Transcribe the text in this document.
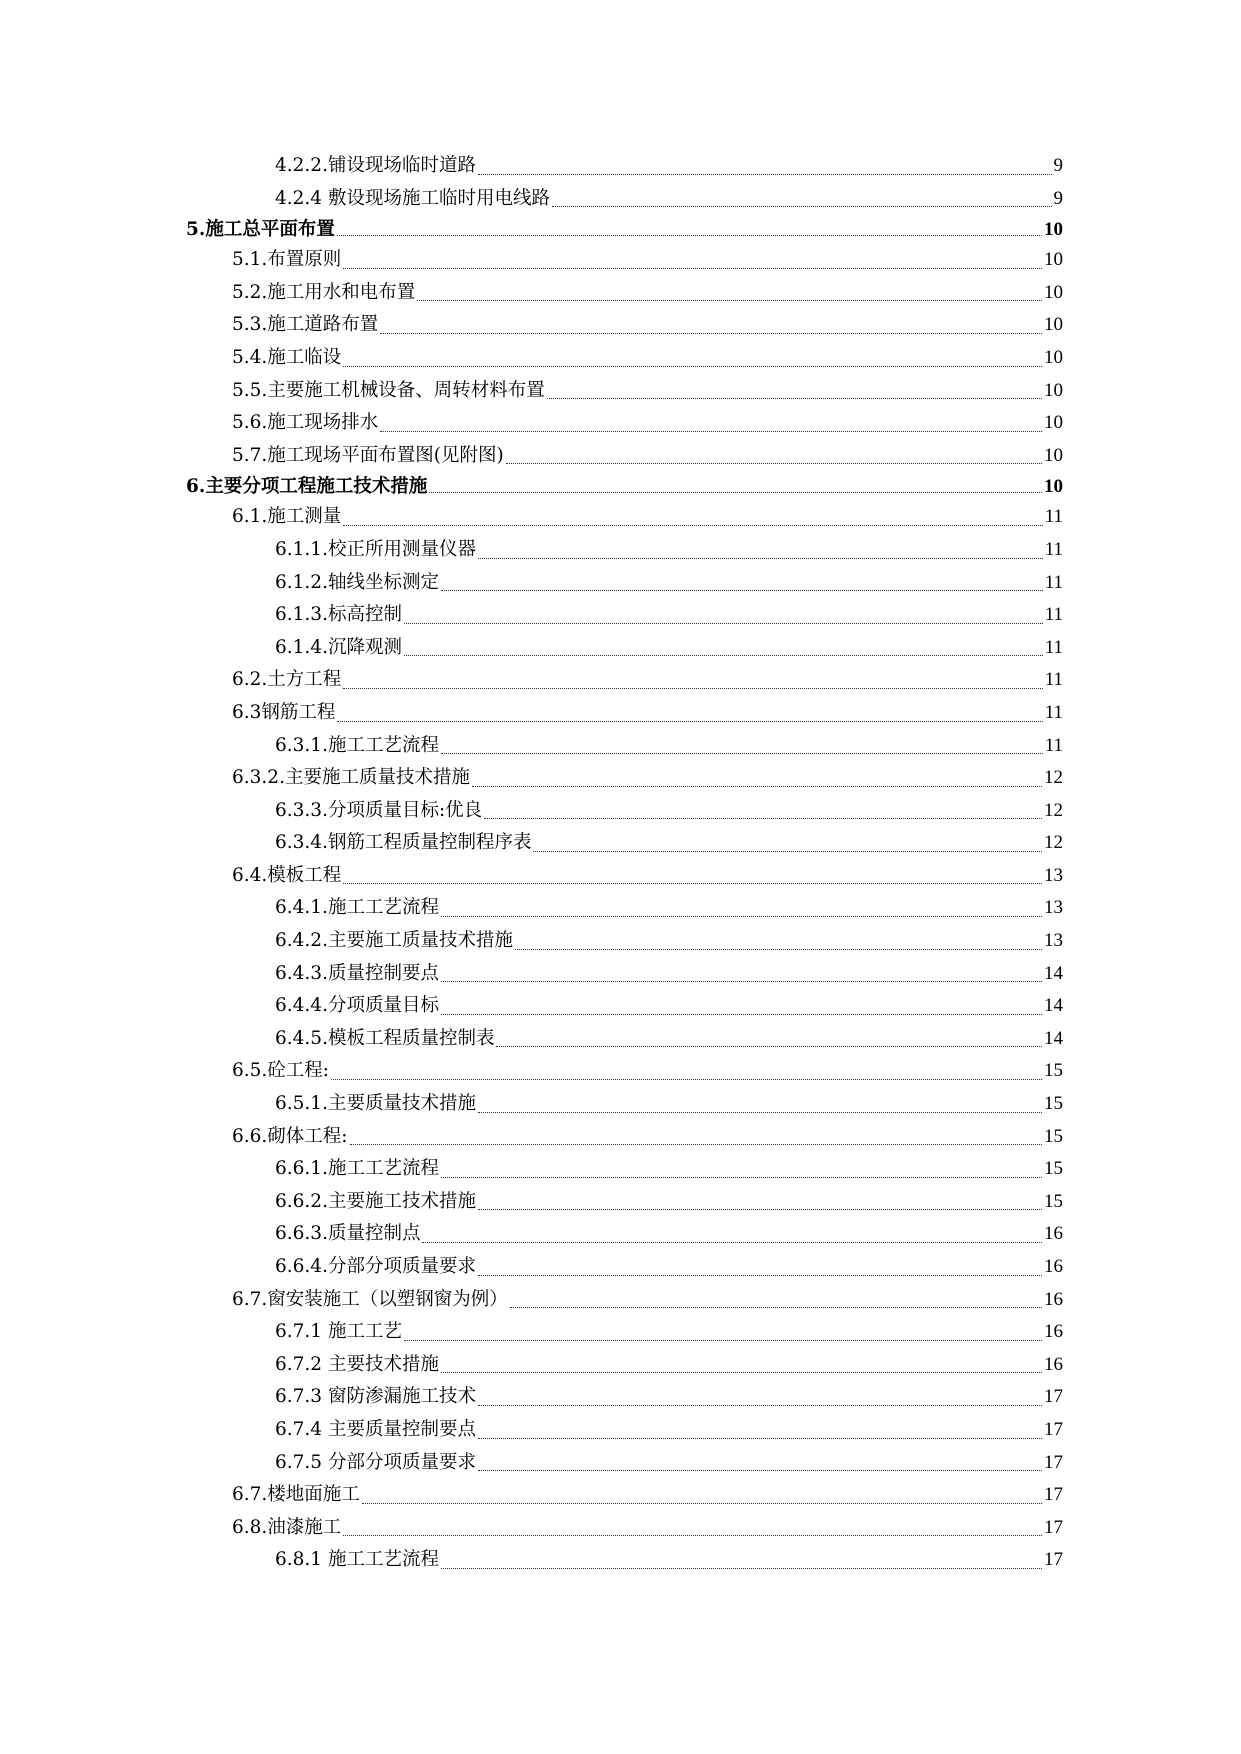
4.2.2.铺设现场临时道路	9
4.2.4 敷设现场施工临时用电线路	9
5.施工总平面布置	10
5.1.布置原则	10
5.2.施工用水和电布置	10
5.3.施工道路布置	10
5.4.施工临设	10
5.5.主要施工机械设备、周转材料布置	10
5.6.施工现场排水	10
5.7.施工现场平面布置图(见附图)	10
6.主要分项工程施工技术措施	10
6.1.施工测量	11
6.1.1.校正所用测量仪器	11
6.1.2.轴线坐标测定	11
6.1.3.标高控制	11
6.1.4.沉降观测	11
6.2.土方工程	11
6.3钢筋工程	11
6.3.1.施工工艺流程	11
6.3.2.主要施工质量技术措施	12
6.3.3.分项质量目标:优良	12
6.3.4.钢筋工程质量控制程序表	12
6.4.模板工程	13
6.4.1.施工工艺流程	13
6.4.2.主要施工质量技术措施	13
6.4.3.质量控制要点	14
6.4.4.分项质量目标	14
6.4.5.模板工程质量控制表	14
6.5.砼工程:	15
6.5.1.主要质量技术措施	15
6.6.砌体工程:	15
6.6.1.施工工艺流程	15
6.6.2.主要施工技术措施	15
6.6.3.质量控制点	16
6.6.4.分部分项质量要求	16
6.7.窗安装施工（以塑钢窗为例）	16
6.7.1 施工工艺	16
6.7.2 主要技术措施	16
6.7.3 窗防渗漏施工技术	17
6.7.4 主要质量控制要点	17
6.7.5 分部分项质量要求	17
6.7.楼地面施工	17
6.8.油漆施工	17
6.8.1 施工工艺流程	17
